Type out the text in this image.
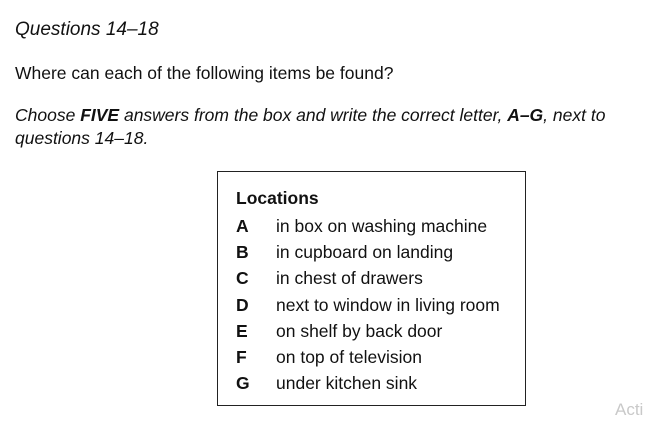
Questions 14–18

Where can each of the following items be found?

Choose FIVE answers from the box and write the correct letter, A–G, next to questions 14–18.

Locations
A	in box on washing machine
B	in cupboard on landing
C	in chest of drawers
D	next to window in living room
E	on shelf by back door
F	on top of television
G	under kitchen sink
Acti
